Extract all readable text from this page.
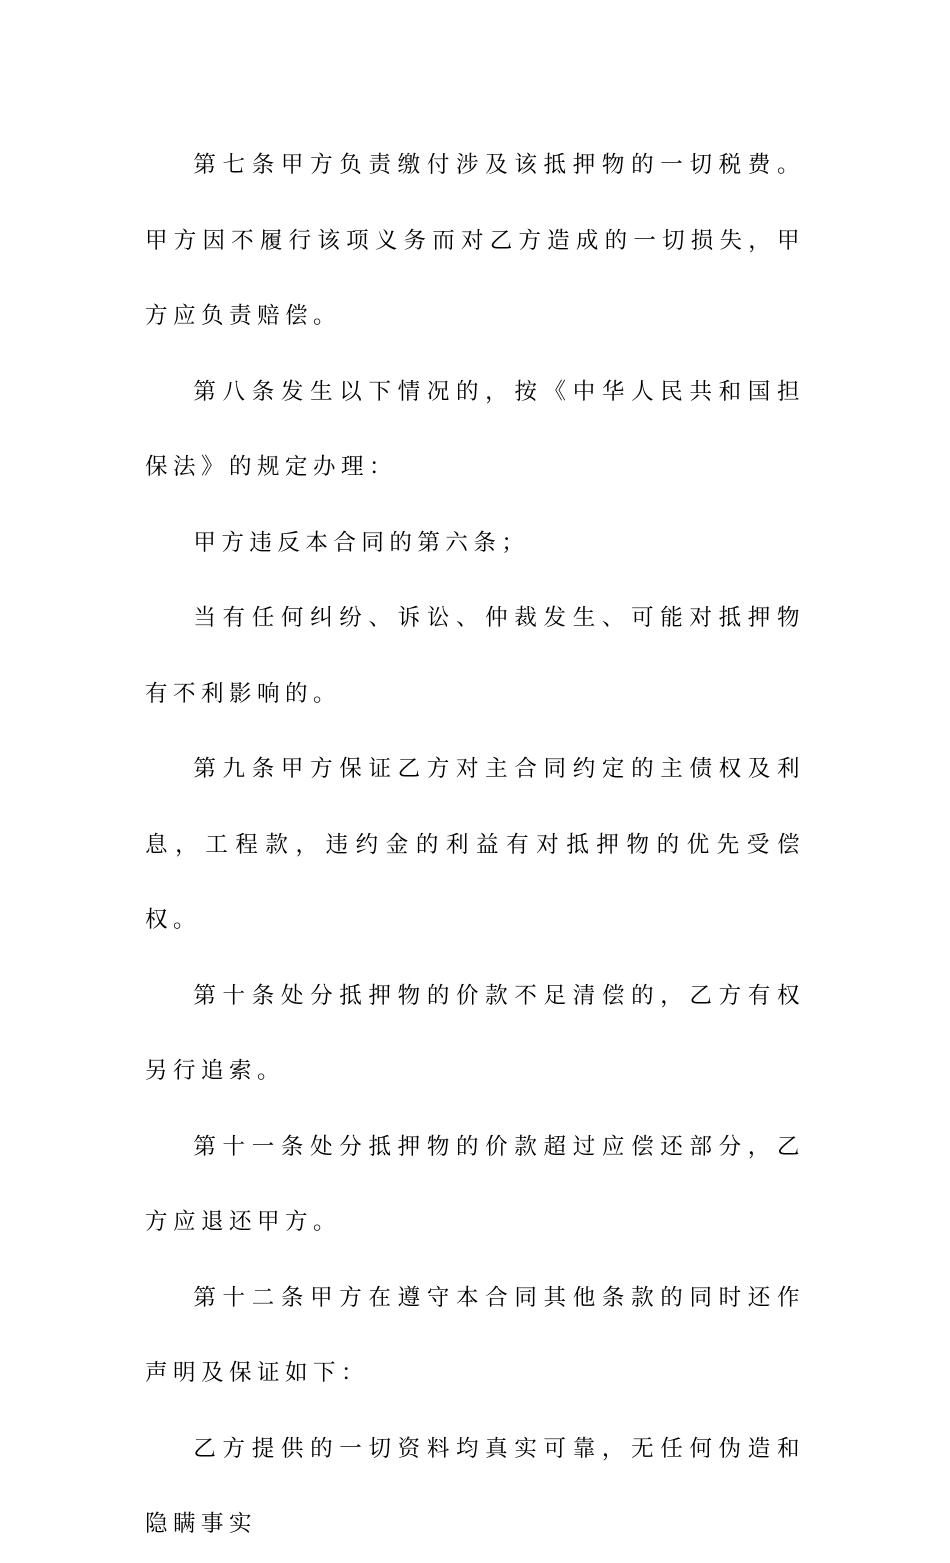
第七条甲方负责缴付涉及该抵押物的一切税费。甲方因不履行该项义务而对乙方造成的一切损失，甲方应负责赔偿。

第八条发生以下情况的，按《中华人民共和国担保法》的规定办理：

甲方违反本合同的第六条；

当有任何纠纷、诉讼、仲裁发生、可能对抵押物有不利影响的。

第九条甲方保证乙方对主合同约定的主债权及利息，工程款，违约金的利益有对抵押物的优先受偿权。

第十条处分抵押物的价款不足清偿的，乙方有权另行追索。

第十一条处分抵押物的价款超过应偿还部分，乙方应退还甲方。

第十二条甲方在遵守本合同其他条款的同时还作声明及保证如下：

乙方提供的一切资料均真实可靠，无任何伪造和隐瞒事实
